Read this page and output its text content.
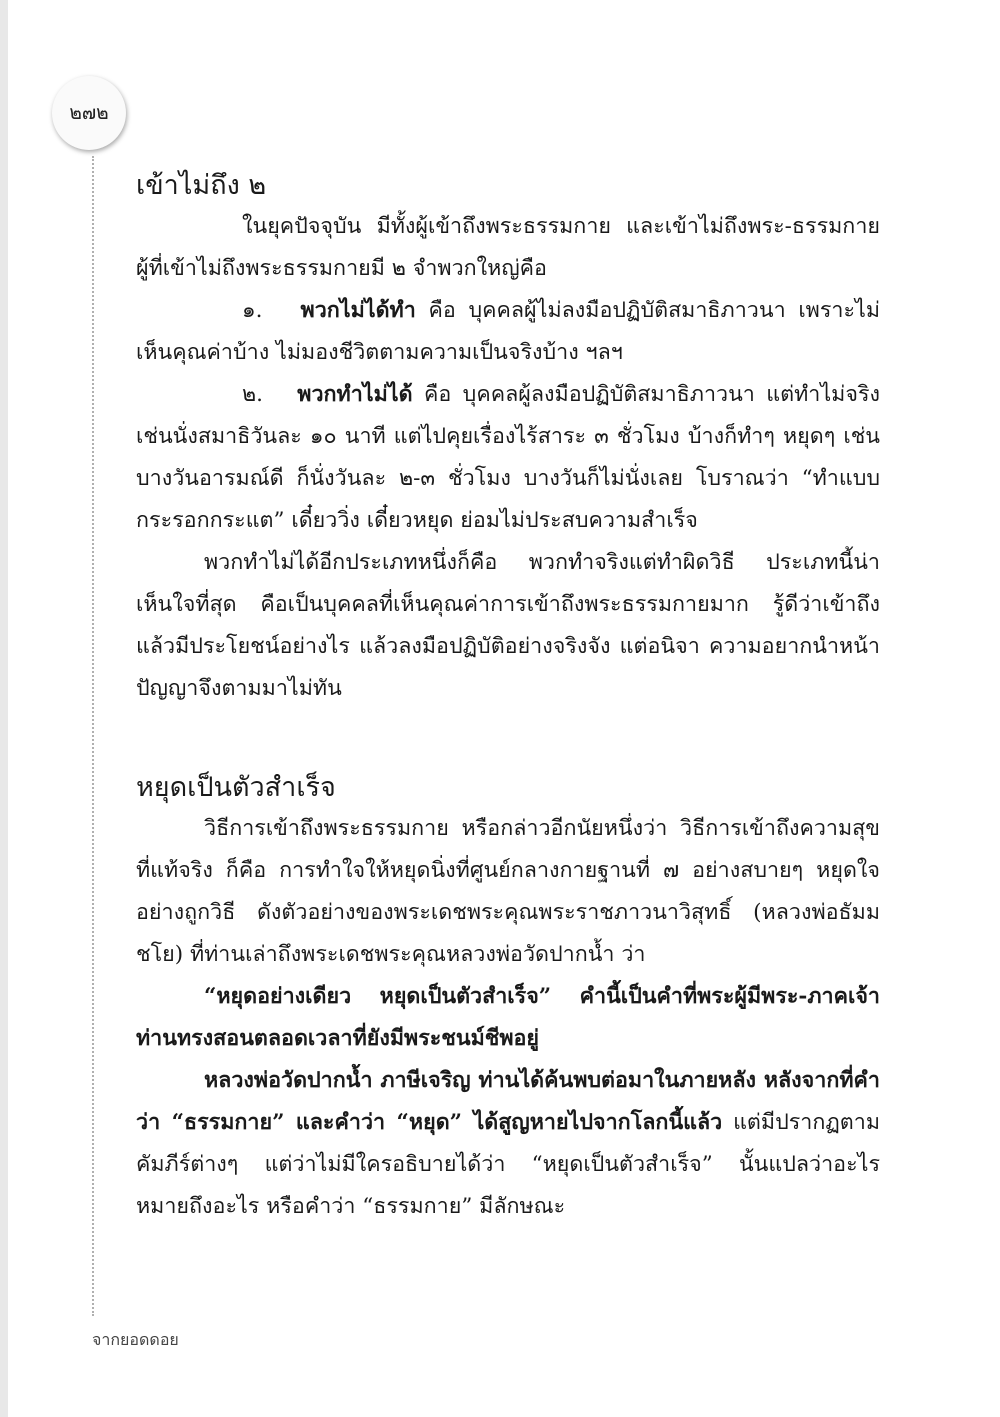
๒๗๒
เข้าไม่ถึง ๒

ในยุคปัจจุบัน มีทั้งผู้เข้าถึงพระธรรมกาย และเข้าไม่ถึงพระ-ธรรมกาย ผู้ที่เข้าไม่ถึงพระธรรมกายมี ๒ จำพวกใหญ่คือ

๑. พวกไม่ได้ทำ คือ บุคคลผู้ไม่ลงมือปฏิบัติสมาธิภาวนา เพราะไม่เห็นคุณค่าบ้าง ไม่มองชีวิตตามความเป็นจริงบ้าง ฯลฯ

๒. พวกทำไม่ได้ คือ บุคคลผู้ลงมือปฏิบัติสมาธิภาวนา แต่ทำไม่จริง เช่นนั่งสมาธิวันละ ๑๐ นาที แต่ไปคุยเรื่องไร้สาระ ๓ ชั่วโมง บ้างก็ทำๆ หยุดๆ เช่น บางวันอารมณ์ดี ก็นั่งวันละ ๒-๓ ชั่วโมง บางวันก็ไม่นั่งเลย โบราณว่า “ทำแบบกระรอกกระแต” เดี๋ยววิ่ง เดี๋ยวหยุด ย่อมไม่ประสบความสำเร็จ

พวกทำไม่ได้อีกประเภทหนึ่งก็คือ พวกทำจริงแต่ทำผิดวิธี ประเภทนี้น่าเห็นใจที่สุด คือเป็นบุคคลที่เห็นคุณค่าการเข้าถึงพระธรรมกายมาก รู้ดีว่าเข้าถึงแล้วมีประโยชน์อย่างไร แล้วลงมือปฏิบัติอย่างจริงจัง แต่อนิจา ความอยากนำหน้า ปัญญาจึงตามมาไม่ทัน

หยุดเป็นตัวสำเร็จ

วิธีการเข้าถึงพระธรรมกาย หรือกล่าวอีกนัยหนึ่งว่า วิธีการเข้าถึงความสุขที่แท้จริง ก็คือ การทำใจให้หยุดนิ่งที่ศูนย์กลางกายฐานที่ ๗ อย่างสบายๆ หยุดใจอย่างถูกวิธี ดังตัวอย่างของพระเดชพระคุณพระราชภาวนาวิสุทธิ์ (หลวงพ่อธัมมชโย) ที่ท่านเล่าถึงพระเดชพระคุณหลวงพ่อวัดปากน้ำ ว่า

“หยุดอย่างเดียว หยุดเป็นตัวสำเร็จ” คำนี้เป็นคำที่พระผู้มีพระ-ภาคเจ้า ท่านทรงสอนตลอดเวลาที่ยังมีพระชนม์ชีพอยู่

หลวงพ่อวัดปากน้ำ ภาษีเจริญ ท่านได้ค้นพบต่อมาในภายหลัง หลังจากที่คำว่า “ธรรมกาย” และคำว่า “หยุด” ได้สูญหายไปจากโลกนี้แล้ว แต่มีปรากฏตามคัมภีร์ต่างๆ แต่ว่าไม่มีใครอธิบายได้ว่า “หยุดเป็นตัวสำเร็จ” นั้นแปลว่าอะไร หมายถึงอะไร หรือคำว่า “ธรรมกาย” มีลักษณะ

จากยอดดอย
